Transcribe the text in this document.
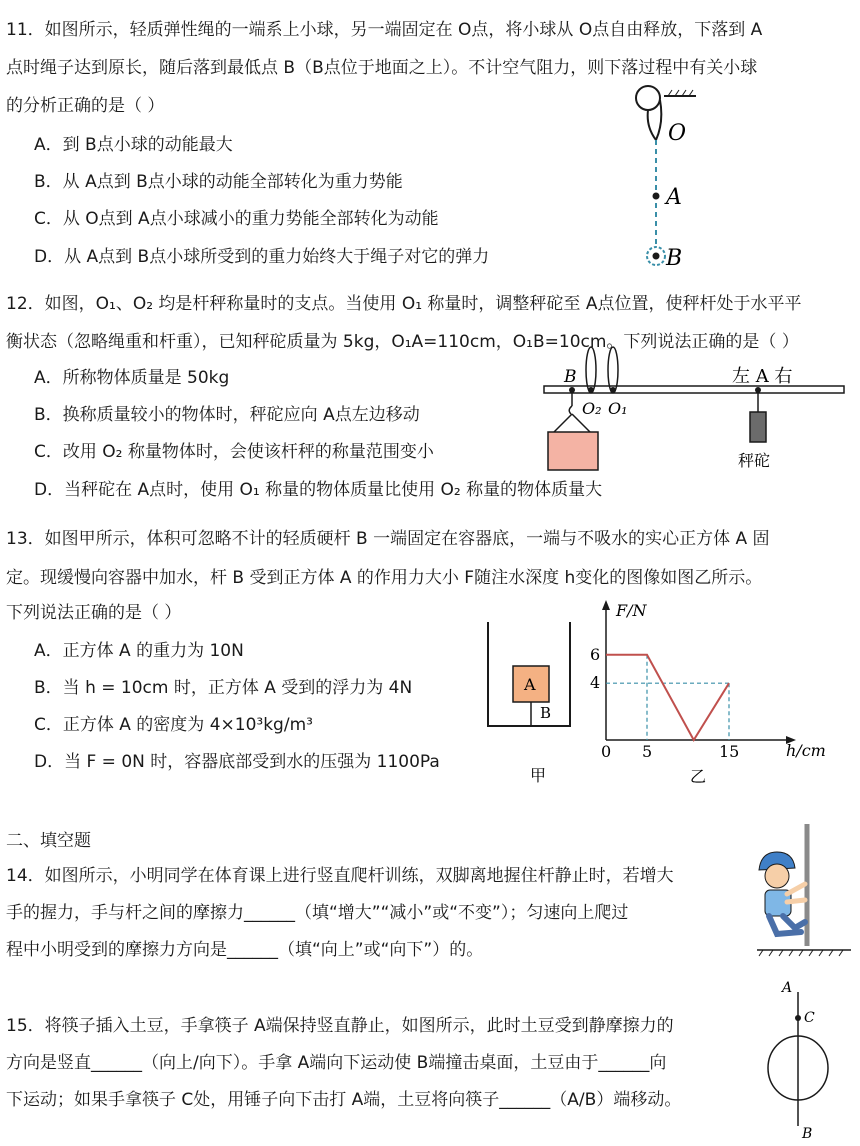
11．如图所示，轻质弹性绳的一端系上小球，另一端固定在 O点，将小球从 O点自由释放，下落到 A
点时绳子达到原长，随后落到最低点 B（B点位于地面之上）。不计空气阻力，则下落过程中有关小球
的分析正确的是（ ）
A．到 B点小球的动能最大
B．从 A点到 B点小球的动能全部转化为重力势能
C．从 O点到 A点小球减小的重力势能全部转化为动能
D．从 A点到 B点小球所受到的重力始终大于绳子对它的弹力
O
A
B
12．如图，O₁、O₂ 均是杆秤称量时的支点。当使用 O₁ 称量时，调整秤砣至 A点位置，使秤杆处于水平平
衡状态（忽略绳重和杆重），已知秤砣质量为 5kg，O₁A=110cm，O₁B=10cm。下列说法正确的是（ ）
A．所称物体质量是 50kg
B．换称质量较小的物体时，秤砣应向 A点左边移动
C．改用 O₂ 称量物体时，会使该杆秤的称量范围变小
D．当秤砣在 A点时，使用 O₁ 称量的物体质量比使用 O₂ 称量的物体质量大
B
O₂ O₁
左 A 右
秤砣
13．如图甲所示，体积可忽略不计的轻质硬杆 B 一端固定在容器底，一端与不吸水的实心正方体 A 固
定。现缓慢向容器中加水，杆 B 受到正方体 A 的作用力大小 F随注水深度 h变化的图像如图乙所示。
下列说法正确的是（ ）
A．正方体 A 的重力为 10N
B．当 h = 10cm 时，正方体 A 受到的浮力为 4N
C．正方体 A 的密度为 4×10³kg/m³
D．当 F = 0N 时，容器底部受到水的压强为 1100Pa
A
B
甲
F/N
h/cm
6
4
0 5	15
乙
二、填空题
14．如图所示，小明同学在体育课上进行竖直爬杆训练，双脚离地握住杆静止时，若增大
手的握力，手与杆之间的摩擦力______（填“增大”“减小”或“不变”）；匀速向上爬过
程中小明受到的摩擦力方向是______（填“向上”或“向下”）的。
15．将筷子插入土豆，手拿筷子 A端保持竖直静止，如图所示，此时土豆受到静摩擦力的
方向是竖直______（向上/向下）。手拿 A端向下运动使 B端撞击桌面，土豆由于______向
下运动；如果手拿筷子 C处，用锤子向下击打 A端，土豆将向筷子______（A/B）端移动。
A
C
B
